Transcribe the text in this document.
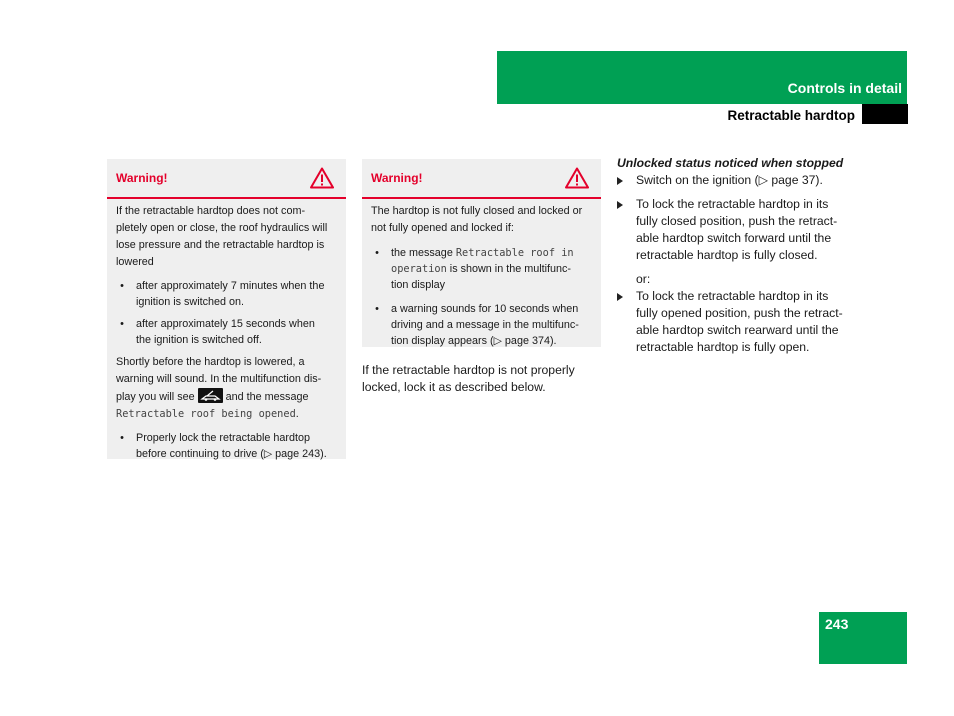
Controls in detail
Retractable hardtop
Warning!

If the retractable hardtop does not com-
pletely open or close, the roof hydraulics will
lose pressure and the retractable hardtop is
lowered

•	after approximately 7 minutes when the
ignition is switched on.
•	after approximately 15 seconds when
the ignition is switched off.

Shortly before the hardtop is lowered, a
warning will sound. In the multifunction dis-
play you will see	and the message
Retractable roof being opened.

•	Properly lock the retractable hardtop
before continuing to drive (▷ page 243).
Warning!

The hardtop is not fully closed and locked or
not fully opened and locked if:

•	the message Retractable roof in
operation is shown in the multifunc-
tion display
•	a warning sounds for 10 seconds when
driving and a message in the multifunc-
tion display appears (▷ page 374).

If the retractable hardtop is not properly
locked, lock it as described below.

Unlocked status noticed when stopped

Switch on the ignition (▷ page 37).
To lock the retractable hardtop in its
fully closed position, push the retract-
able hardtop switch forward until the
retractable hardtop is fully closed.

or:

To lock the retractable hardtop in its
fully opened position, push the retract-
able hardtop switch rearward until the
retractable hardtop is fully open.
243
